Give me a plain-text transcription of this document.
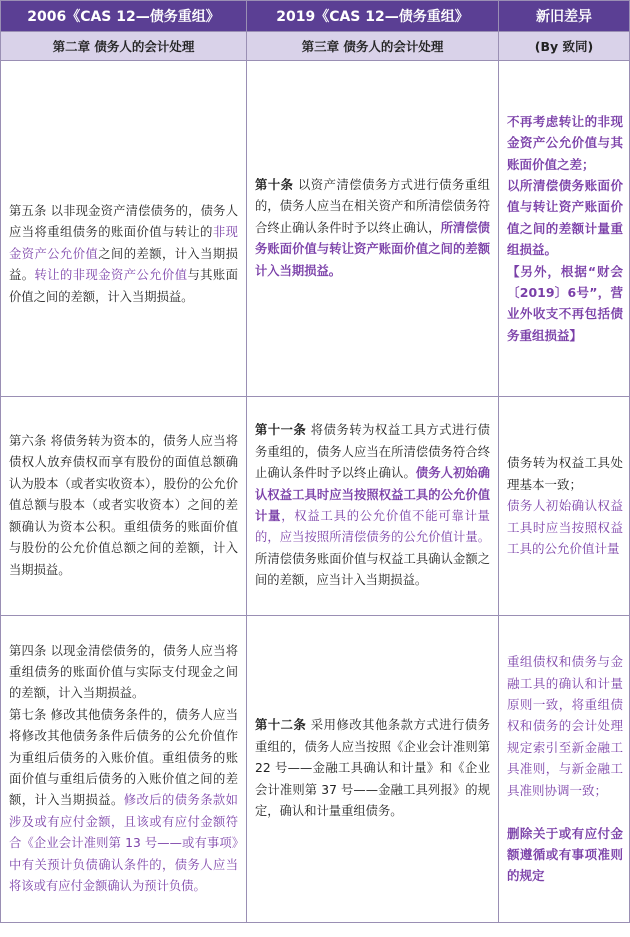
2006《CAS 12—债务重组》	2019《CAS 12—债务重组》	新旧差异
第二章 债务人的会计处理	第三章 债务人的会计处理	(By 致同)

第五条 以非现金资产清偿债务的，债务人应当将重组债务的账面价值与转让的非现金资产公允价值之间的差额，计入当期损益。转让的非现金资产公允价值与其账面价值之间的差额，计入当期损益。	第十条 以资产清偿债务方式进行债务重组的，债务人应当在相关资产和所清偿债务符合终止确认条件时予以终止确认，所清偿债务账面价值与转让资产账面价值之间的差额计入当期损益。	不再考虑转让的非现金资产公允价值与其账面价值之差；
以所清偿债务账面价值与转让资产账面价值之间的差额计量重组损益。
【另外，根据“财会〔2019〕6号”，营业外收支不再包括债务重组损益】

第六条 将债务转为资本的，债务人应当将债权人放弃债权而享有股份的面值总额确认为股本（或者实收资本），股份的公允价值总额与股本（或者实收资本）之间的差额确认为资本公积。重组债务的账面价值与股份的公允价值总额之间的差额，计入当期损益。	第十一条 将债务转为权益工具方式进行债务重组的，债务人应当在所清偿债务符合终止确认条件时予以终止确认。债务人初始确认权益工具时应当按照权益工具的公允价值计量，权益工具的公允价值不能可靠计量的，应当按照所清偿债务的公允价值计量。所清偿债务账面价值与权益工具确认金额之间的差额，应当计入当期损益。	债务转为权益工具处理基本一致；
债务人初始确认权益工具时应当按照权益工具的公允价值计量

第四条 以现金清偿债务的，债务人应当将重组债务的账面价值与实际支付现金之间的差额，计入当期损益。
第七条 修改其他债务条件的，债务人应当将修改其他债务条件后债务的公允价值作为重组后债务的入账价值。重组债务的账面价值与重组后债务的入账价值之间的差额，计入当期损益。修改后的债务条款如涉及或有应付金额，且该或有应付金额符合《企业会计准则第 13 号——或有事项》中有关预计负债确认条件的，债务人应当将该或有应付金额确认为预计负债。	第十二条 采用修改其他条款方式进行债务重组的，债务人应当按照《企业会计准则第22 号——金融工具确认和计量》和《企业会计准则第 37 号——金融工具列报》的规定，确认和计量重组债务。	重组债权和债务与金融工具的确认和计量原则一致，将重组债权和债务的会计处理规定索引至新金融工具准则，与新金融工具准则协调一致；

删除关于或有应付金额遵循或有事项准则的规定
